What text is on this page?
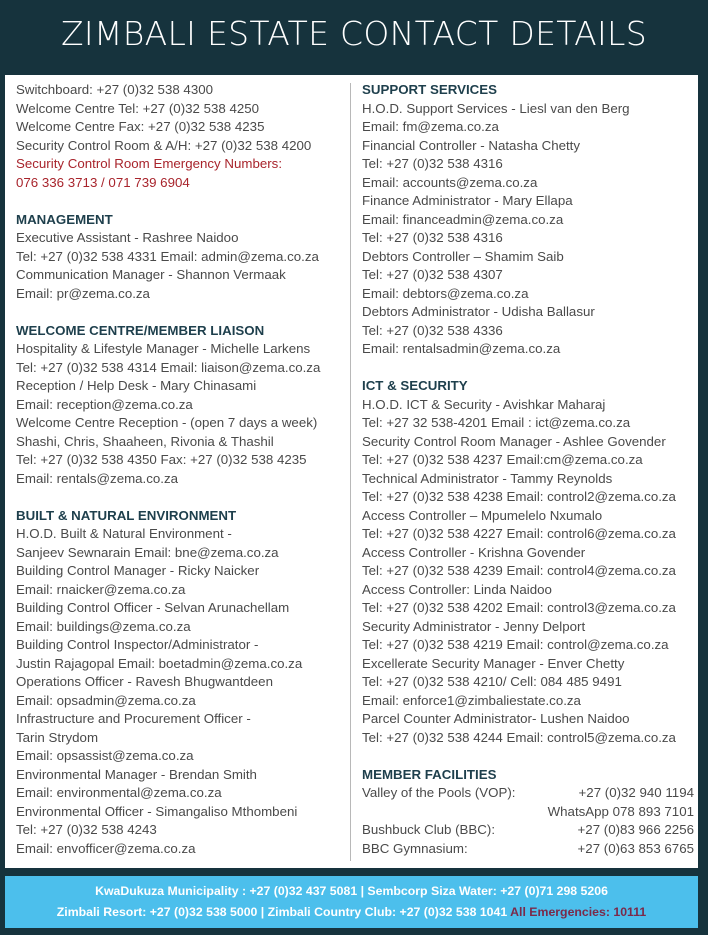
ZIMBALI ESTATE CONTACT DETAILS
Switchboard: +27 (0)32 538 4300
Welcome Centre Tel: +27 (0)32 538 4250
Welcome Centre Fax: +27 (0)32 538 4235
Security Control Room & A/H: +27 (0)32 538 4200
Security Control Room Emergency Numbers:
076 336 3713 / 071 739 6904
MANAGEMENT
Executive Assistant - Rashree Naidoo
Tel: +27 (0)32 538 4331 Email: admin@zema.co.za
Communication Manager - Shannon Vermaak
Email: pr@zema.co.za
WELCOME CENTRE/MEMBER LIAISON
Hospitality & Lifestyle Manager - Michelle Larkens
Tel: +27 (0)32 538 4314 Email: liaison@zema.co.za
Reception / Help Desk - Mary Chinasami
Email: reception@zema.co.za
Welcome Centre Reception - (open 7 days a week)
Shashi, Chris, Shaaheen, Rivonia & Thashil
Tel: +27 (0)32 538 4350 Fax: +27 (0)32 538 4235
Email: rentals@zema.co.za
BUILT & NATURAL ENVIRONMENT
H.O.D. Built & Natural Environment -
Sanjeev Sewnarain Email: bne@zema.co.za
Building Control Manager - Ricky Naicker
Email: rnaicker@zema.co.za
Building Control Officer - Selvan Arunachellam
Email: buildings@zema.co.za
Building Control Inspector/Administrator -
Justin Rajagopal Email: boetadmin@zema.co.za
Operations Officer - Ravesh Bhugwantdeen
Email: opsadmin@zema.co.za
Infrastructure and Procurement Officer -
Tarin Strydom
Email: opsassist@zema.co.za
Environmental Manager - Brendan Smith
Email: environmental@zema.co.za
Environmental Officer - Simangaliso Mthombeni
Tel: +27 (0)32 538 4243
Email: envofficer@zema.co.za
SUPPORT SERVICES
H.O.D. Support Services - Liesl van den Berg
Email: fm@zema.co.za
Financial Controller - Natasha Chetty
Tel: +27 (0)32 538 4316
Email: accounts@zema.co.za
Finance Administrator - Mary Ellapa
Email: financeadmin@zema.co.za
Tel: +27 (0)32 538 4316
Debtors Controller – Shamim Saib
Tel: +27 (0)32 538 4307
Email: debtors@zema.co.za
Debtors Administrator - Udisha Ballasur
Tel: +27 (0)32 538 4336
Email: rentalsadmin@zema.co.za
ICT & SECURITY
H.O.D. ICT & Security - Avishkar Maharaj
Tel: +27 32 538-4201 Email : ict@zema.co.za
Security Control Room Manager - Ashlee Govender
Tel: +27 (0)32 538 4237 Email:cm@zema.co.za
Technical Administrator - Tammy Reynolds
Tel: +27 (0)32 538 4238 Email: control2@zema.co.za
Access Controller – Mpumelelo Nxumalo
Tel: +27 (0)32 538 4227 Email: control6@zema.co.za
Access Controller - Krishna Govender
Tel: +27 (0)32 538 4239 Email: control4@zema.co.za
Access Controller: Linda Naidoo
Tel: +27 (0)32 538 4202 Email: control3@zema.co.za
Security Administrator - Jenny Delport
Tel: +27 (0)32 538 4219 Email: control@zema.co.za
Excellerate Security Manager - Enver Chetty
Tel: +27 (0)32 538 4210/ Cell: 084 485 9491
Email: enforce1@zimbaliestate.co.za
Parcel Counter Administrator- Lushen Naidoo
Tel: +27 (0)32 538 4244 Email: control5@zema.co.za
MEMBER FACILITIES
Valley of the Pools (VOP):	+27 (0)32 940 1194
WhatsApp 078 893 7101
Bushbuck Club (BBC):	+27 (0)83 966 2256
BBC Gymnasium:	+27 (0)63 853 6765
KwaDukuza Municipality : +27 (0)32 437 5081 | Sembcorp Siza Water: +27 (0)71 298 5206
Zimbali Resort: +27 (0)32 538 5000 | Zimbali Country Club: +27 (0)32 538 1041 All Emergencies: 10111
